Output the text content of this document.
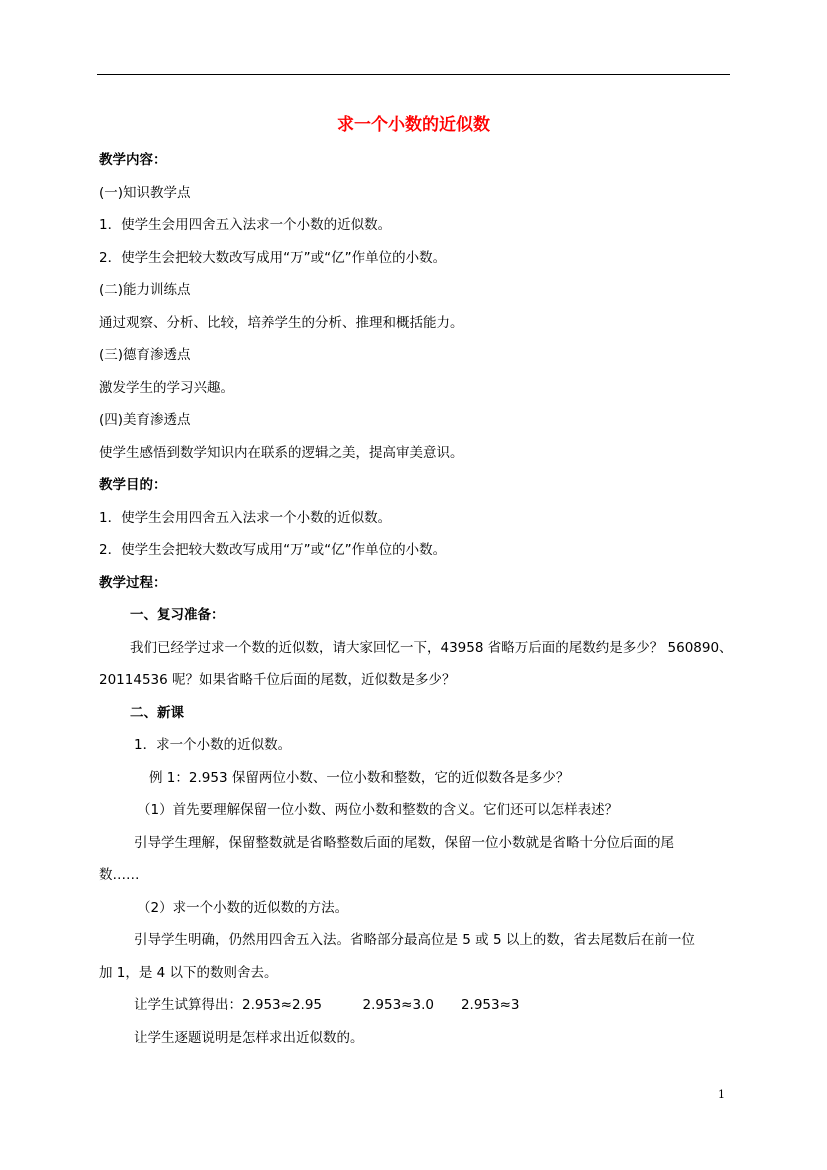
求一个小数的近似数
教学内容：
(一)知识教学点
1．使学生会用四舍五入法求一个小数的近似数。
2．使学生会把较大数改写成用“万”或“亿”作单位的小数。
(二)能力训练点
通过观察、分析、比较，培养学生的分析、推理和概括能力。
(三)德育渗透点
激发学生的学习兴趣。
(四)美育渗透点
使学生感悟到数学知识内在联系的逻辑之美，提高审美意识。
教学目的：
1．使学生会用四舍五入法求一个小数的近似数。
2．使学生会把较大数改写成用“万”或“亿”作单位的小数。
教学过程：
一、复习准备：
我们已经学过求一个数的近似数，请大家回忆一下，43958 省略万后面的尾数约是多少？ 560890、
20114536 呢？如果省略千位后面的尾数，近似数是多少？
二、新课
1．求一个小数的近似数。
例 1：2.953 保留两位小数、一位小数和整数，它的近似数各是多少？
（1）首先要理解保留一位小数、两位小数和整数的含义。它们还可以怎样表述？
引导学生理解，保留整数就是省略整数后面的尾数，保留一位小数就是省略十分位后面的尾
数……
（2）求一个小数的近似数的方法。
引导学生明确，仍然用四舍五入法。省略部分最高位是 5 或 5 以上的数，省去尾数后在前一位
加 1，是 4 以下的数则舍去。
让学生试算得出：2.953≈2.95　　　2.953≈3.0　　2.953≈3
让学生逐题说明是怎样求出近似数的。
1
